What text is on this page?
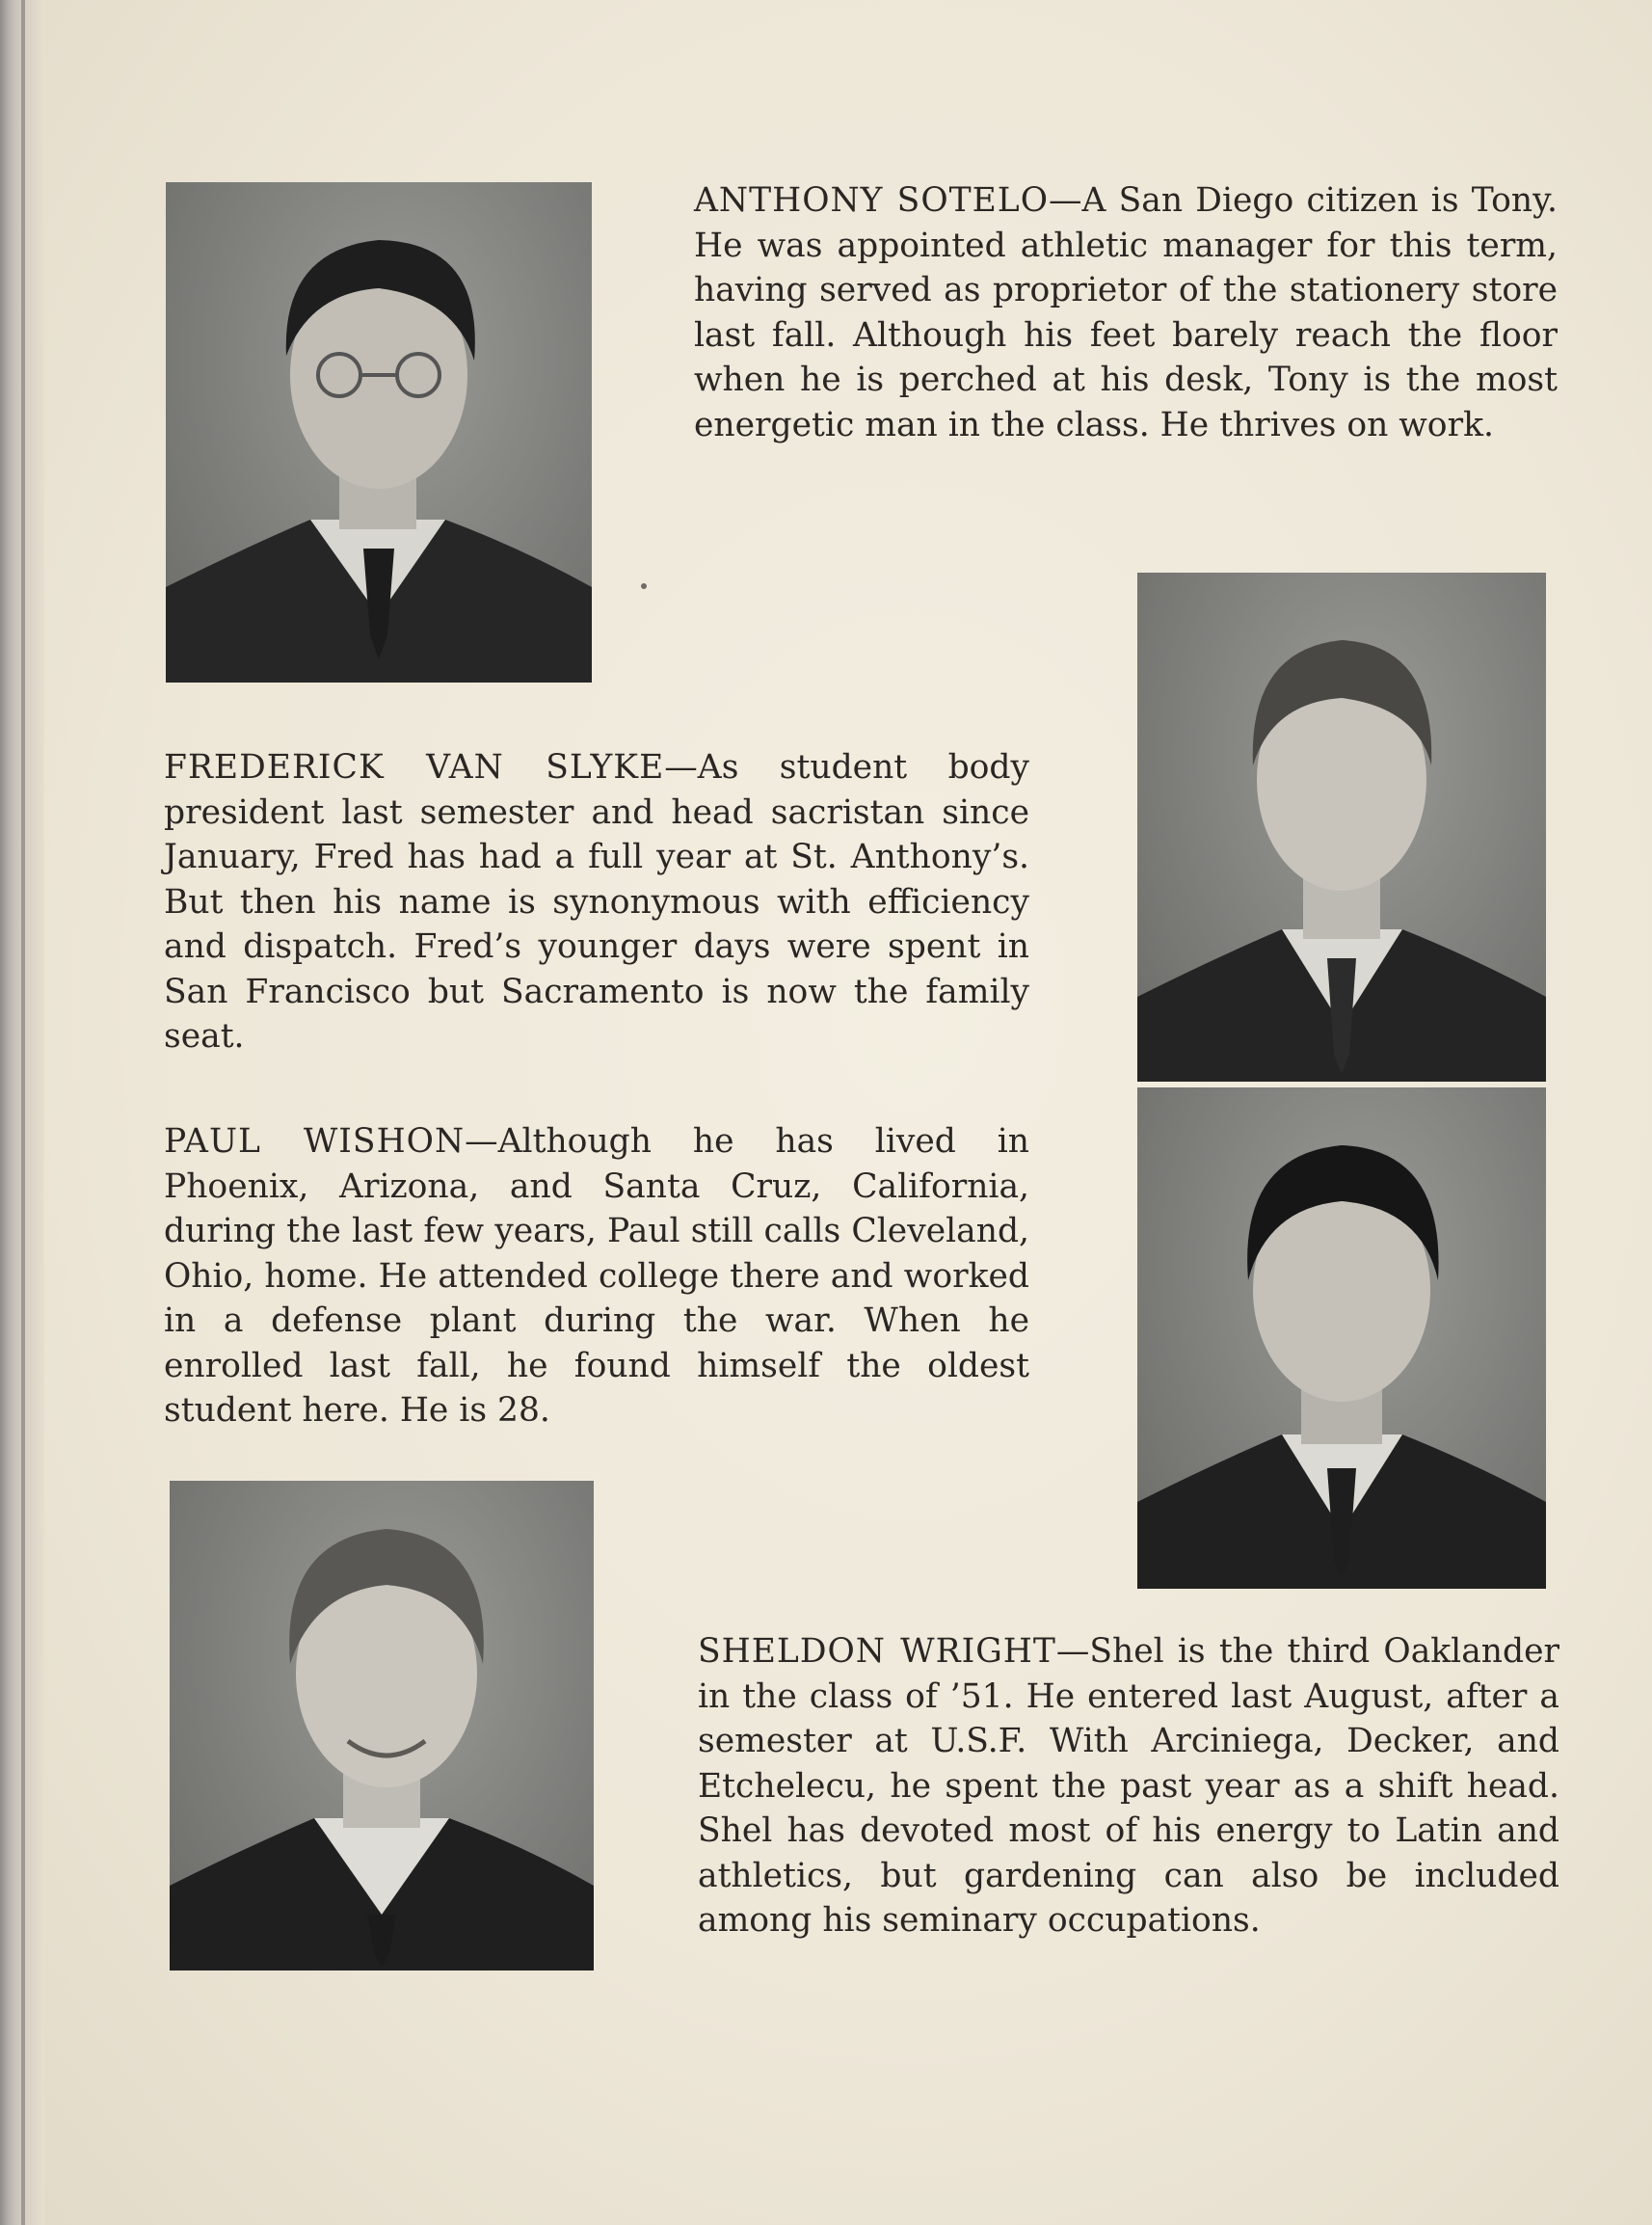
ANTHONY SOTELO—A San Diego citizen is Tony. He was appointed athletic manager for this term, having served as proprietor of the stationery store last fall. Although his feet barely reach the floor when he is perched at his desk, Tony is the most energetic man in the class. He thrives on work.

FREDERICK VAN SLYKE—As student body president last semester and head sacristan since January, Fred has had a full year at St. Anthony’s. But then his name is synonymous with efficiency and dispatch. Fred’s younger days were spent in San Francisco but Sacramento is now the family seat.

PAUL WISHON—Although he has lived in Phoenix, Arizona, and Santa Cruz, California, during the last few years, Paul still calls Cleveland, Ohio, home. He attended college there and worked in a defense plant during the war. When he enrolled last fall, he found himself the oldest student here. He is 28.

SHELDON WRIGHT—Shel is the third Oaklander in the class of ’51. He entered last August, after a semester at U.S.F. With Arciniega, Decker, and Etchelecu, he spent the past year as a shift head. Shel has devoted most of his energy to Latin and athletics, but gardening can also be included among his seminary occupations.
